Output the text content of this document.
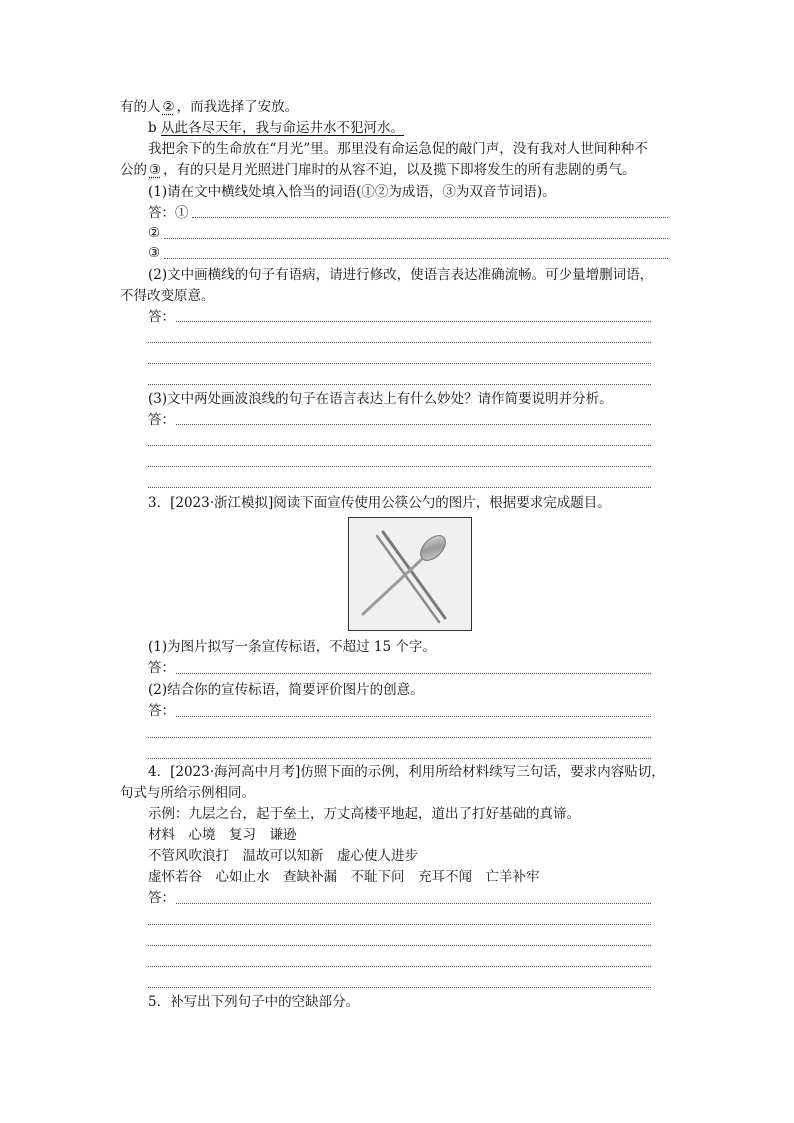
有的人 ② ，而我选择了安放。
b 从此各尽天年，我与命运井水不犯河水。
我把余下的生命放在“月光”里。那里没有命运急促的敲门声，没有我对人世间种种不
公的 ③ ，有的只是月光照进门扉时的从容不迫，以及揽下即将发生的所有悲剧的勇气。
(1)请在文中横线处填入恰当的词语(①②为成语，③为双音节词语)。
答：①
②
③
(2)文中画横线的句子有语病，请进行修改，使语言表达准确流畅。可少量增删词语，
不得改变原意。
答：
(3)文中两处画波浪线的句子在语言表达上有什么妙处？请作简要说明并分析。
答：
3．[2023·浙江模拟]阅读下面宣传使用公筷公勺的图片，根据要求完成题目。
(1)为图片拟写一条宣传标语，不超过 15 个字。
答：
(2)结合你的宣传标语，简要评价图片的创意。
答：
4．[2023·海河高中月考]仿照下面的示例，利用所给材料续写三句话，要求内容贴切，
句式与所给示例相同。
示例：九层之台，起于垒土，万丈高楼平地起，道出了打好基础的真谛。
材料　心境　复习　谦逊
不管风吹浪打　温故可以知新　虚心使人进步
虚怀若谷　心如止水　查缺补漏　不耻下问　充耳不闻　亡羊补牢
答：
5．补写出下列句子中的空缺部分。
